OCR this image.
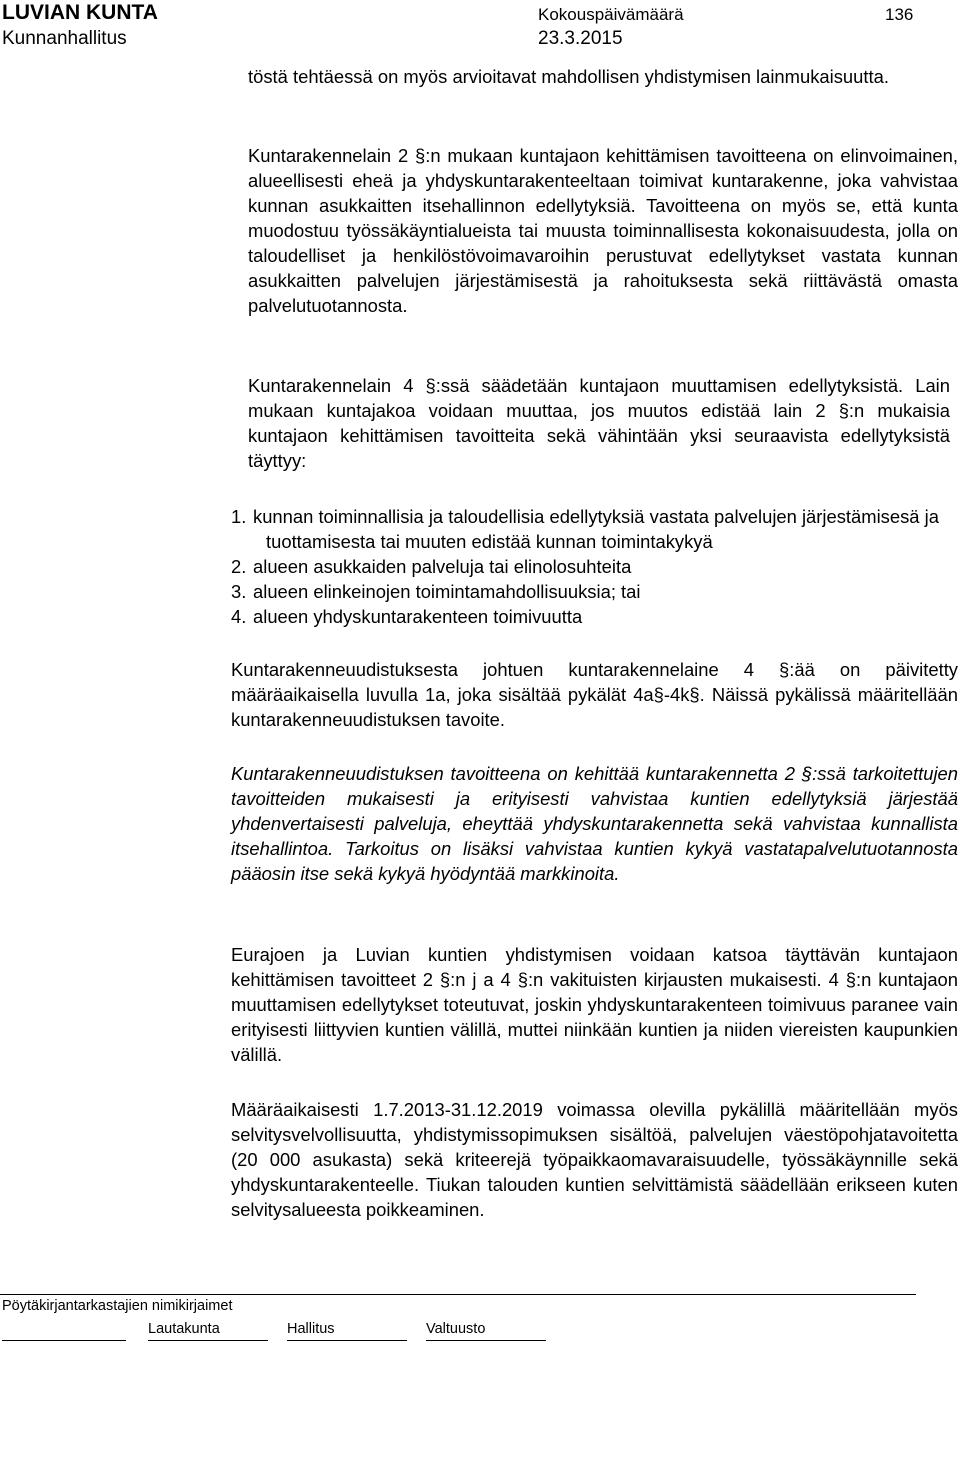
LUVIAN KUNTA
Kunnanhallitus
Kokouspäivämäärä
23.3.2015
136

töstä tehtäessä on myös arvioitavat mahdollisen yhdistymisen lainmukaisuutta.

Kuntarakennelain 2 §:n mukaan kuntajaon kehittämisen tavoitteena on elinvoimainen, alueellisesti eheä ja yhdyskuntarakenteeltaan toimivat kuntarakenne, joka vahvistaa kunnan asukkaitten itsehallinnon edellytyksiä. Tavoitteena on myös se, että kunta muodostuu työssäkäyntialueista tai muusta toiminnallisesta kokonaisuudesta, jolla on taloudelliset ja henkilöstövoimavaroihin perustuvat edellytykset vastata kunnan asukkaitten palvelujen järjestämisestä ja rahoituksesta sekä riittävästä omasta palvelutuotannosta.

Kuntarakennelain 4 §:ssä säädetään kuntajaon muuttamisen edellytyksistä. Lain mukaan kuntajakoa voidaan muuttaa, jos muutos edistää lain 2 §:n mukaisia kuntajaon kehittämisen tavoitteita sekä vähintään yksi seuraavista edellytyksistä täyttyy:

1. kunnan toiminnallisia ja taloudellisia edellytyksiä vastata palvelujen järjestämisesä ja tuottamisesta tai muuten edistää kunnan toimintakykyä
2. alueen asukkaiden palveluja tai elinolosuhteita
3. alueen elinkeinojen toimintamahdollisuuksia; tai
4. alueen yhdyskuntarakenteen toimivuutta

Kuntarakenneuudistuksesta johtuen kuntarakennelaine 4 §:ää on päivitetty määräaikaisella luvulla 1a, joka sisältää pykälät 4a§-4k§. Näissä pykälissä määritellään kuntarakenneuudistuksen tavoite.

Kuntarakenneuudistuksen tavoitteena on kehittää kuntarakennetta 2 §:ssä tarkoitettujen tavoitteiden mukaisesti ja erityisesti vahvistaa kuntien edellytyksiä järjestää yhdenvertaisesti palveluja, eheyttää yhdyskuntarakennetta sekä vahvistaa kunnallista itsehallintoa. Tarkoitus on lisäksi vahvistaa kuntien kykyä vastatapalvelutuotannosta pääosin itse sekä kykyä hyödyntää markkinoita.

Eurajoen ja Luvian kuntien yhdistymisen voidaan katsoa täyttävän kuntajaon kehittämisen tavoitteet 2 §:n j a 4 §:n vakituisten kirjausten mukaisesti. 4 §:n kuntajaon muuttamisen edellytykset toteutuvat, joskin yhdyskuntarakenteen toimivuus paranee vain erityisesti liittyvien kuntien välillä, muttei niinkään kuntien ja niiden viereisten kaupunkien välillä.

Määräaikaisesti 1.7.2013-31.12.2019 voimassa olevilla pykälillä määritellään myös selvitysvelvollisuutta, yhdistymissopimuksen sisältöä, palvelujen väestöpohjatavoitetta (20 000 asukasta) sekä kriteerejä työpaikkaomavaraisuudelle, työssäkäynnille sekä yhdyskuntarakenteelle. Tiukan talouden kuntien selvittämistä säädellään erikseen kuten selvitysalueesta poikkeaminen.

Pöytäkirjantarkastajien nimikirjaimet
Lautakunta	Hallitus	Valtuusto
